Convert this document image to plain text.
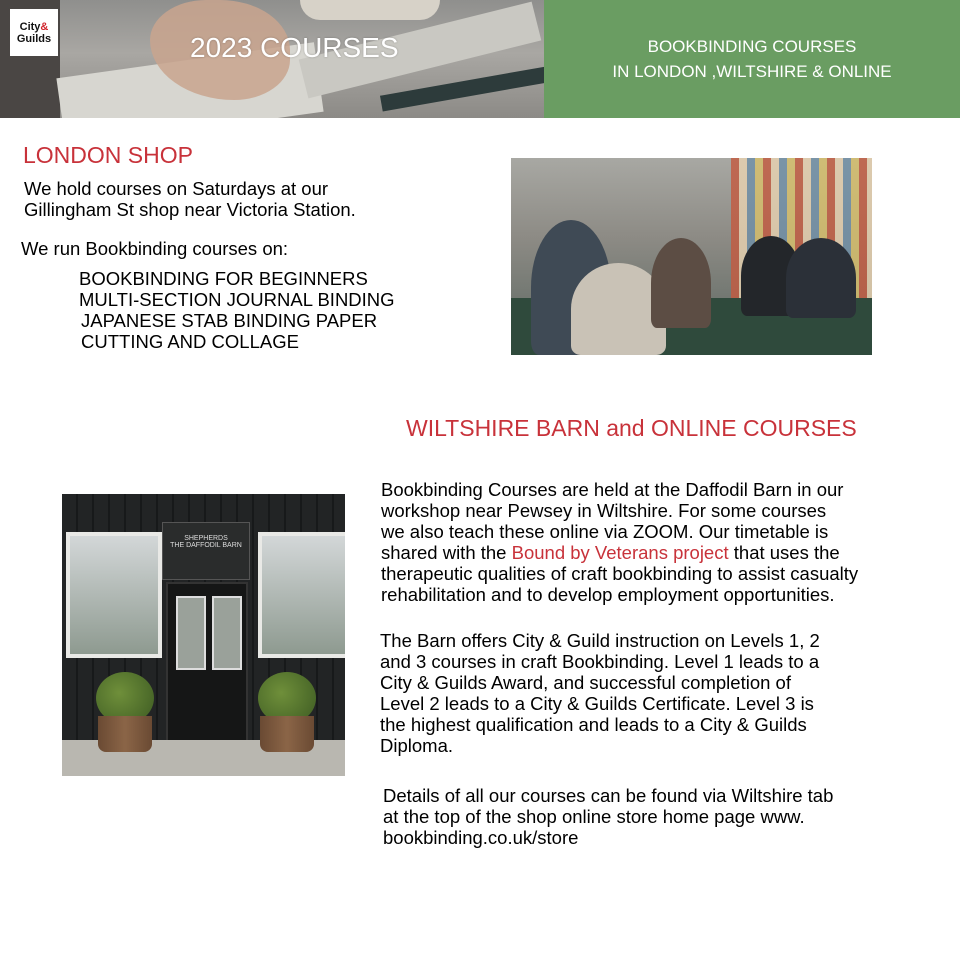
City&
Guilds	2023 COURSES	BOOKBINDING COURSES
IN LONDON ,WILTSHIRE & ONLINE
LONDON SHOP
We hold courses on Saturdays at our
Gillingham St shop near Victoria Station.
We run Bookbinding courses on:
BOOKBINDING FOR BEGINNERS
MULTI-SECTION JOURNAL BINDING
JAPANESE STAB BINDING PAPER
CUTTING AND COLLAGE
WILTSHIRE BARN and ONLINE COURSES
SHEPHERDS
THE DAFFODIL BARN
Bookbinding Courses are held at the Daffodil Barn in our
workshop near Pewsey in Wiltshire. For some courses
we also teach these online via ZOOM. Our timetable is
shared with the Bound by Veterans project that uses the
therapeutic qualities of craft bookbinding to assist casualty
rehabilitation and to develop employment opportunities.
The Barn offers City & Guild instruction on Levels 1, 2
and 3 courses in craft Bookbinding. Level 1 leads to a
City & Guilds Award, and successful completion of
Level 2 leads to a City & Guilds Certificate. Level 3 is
the highest qualification and leads to a City & Guilds
Diploma.
Details of all our courses can be found via Wiltshire tab
at the top of the shop online store home page www.
bookbinding.co.uk/store
